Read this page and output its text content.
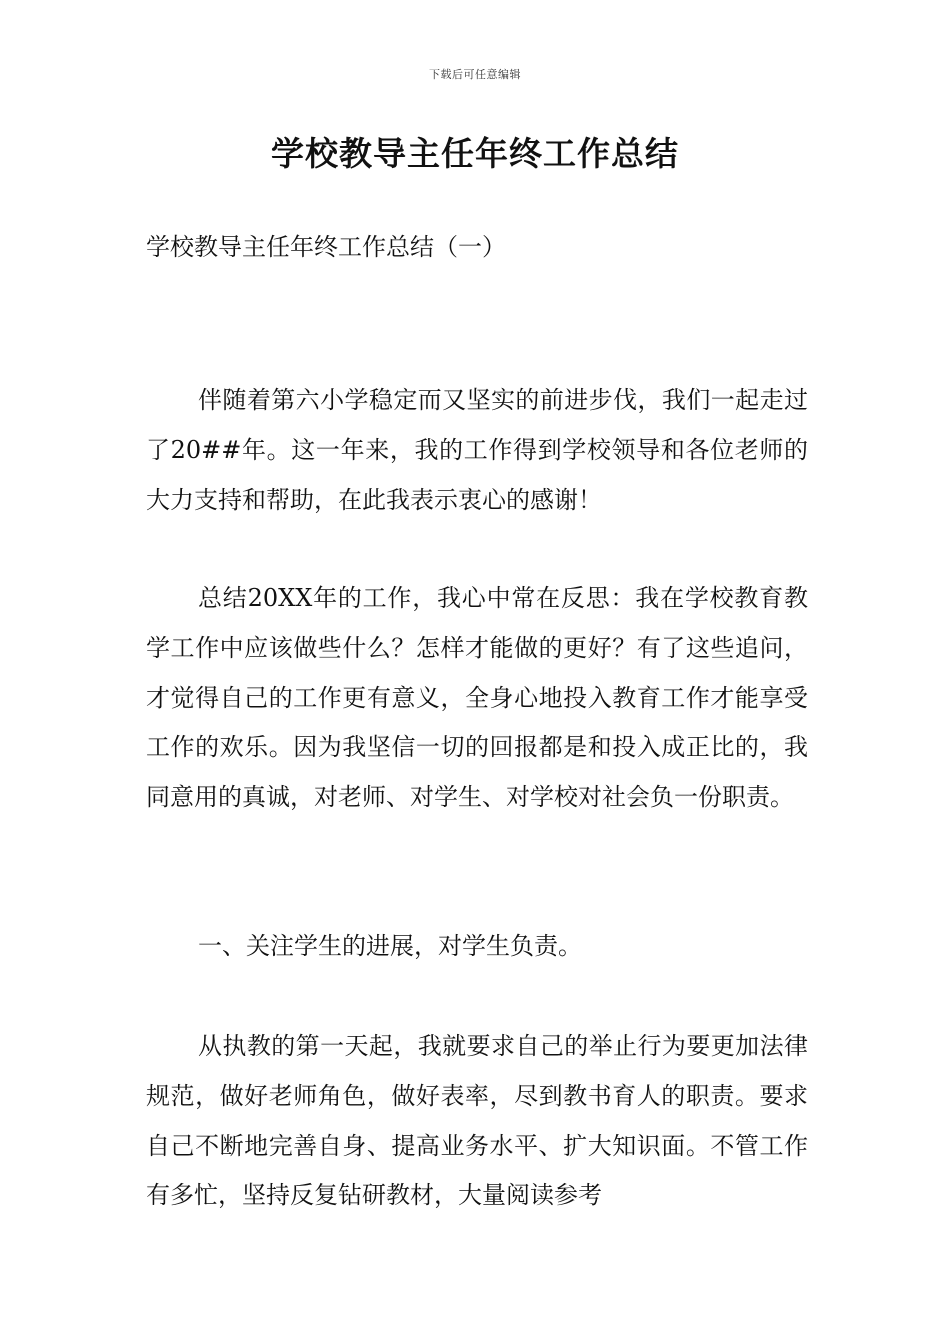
下载后可任意编辑
学校教导主任年终工作总结

学校教导主任年终工作总结（一）

伴随着第六小学稳定而又坚实的前进步伐，我们一起走过了20##年。这一年来，我的工作得到学校领导和各位老师的大力支持和帮助，在此我表示衷心的感谢！

总结20XX年的工作，我心中常在反思：我在学校教育教学工作中应该做些什么？怎样才能做的更好？有了这些追问，才觉得自己的工作更有意义，全身心地投入教育工作才能享受工作的欢乐。因为我坚信一切的回报都是和投入成正比的，我同意用的真诚，对老师、对学生、对学校对社会负一份职责。

一、关注学生的进展，对学生负责。

从执教的第一天起，我就要求自己的举止行为要更加法律规范，做好老师角色，做好表率，尽到教书育人的职责。要求自己不断地完善自身、提高业务水平、扩大知识面。不管工作有多忙，坚持反复钻研教材，大量阅读参考
